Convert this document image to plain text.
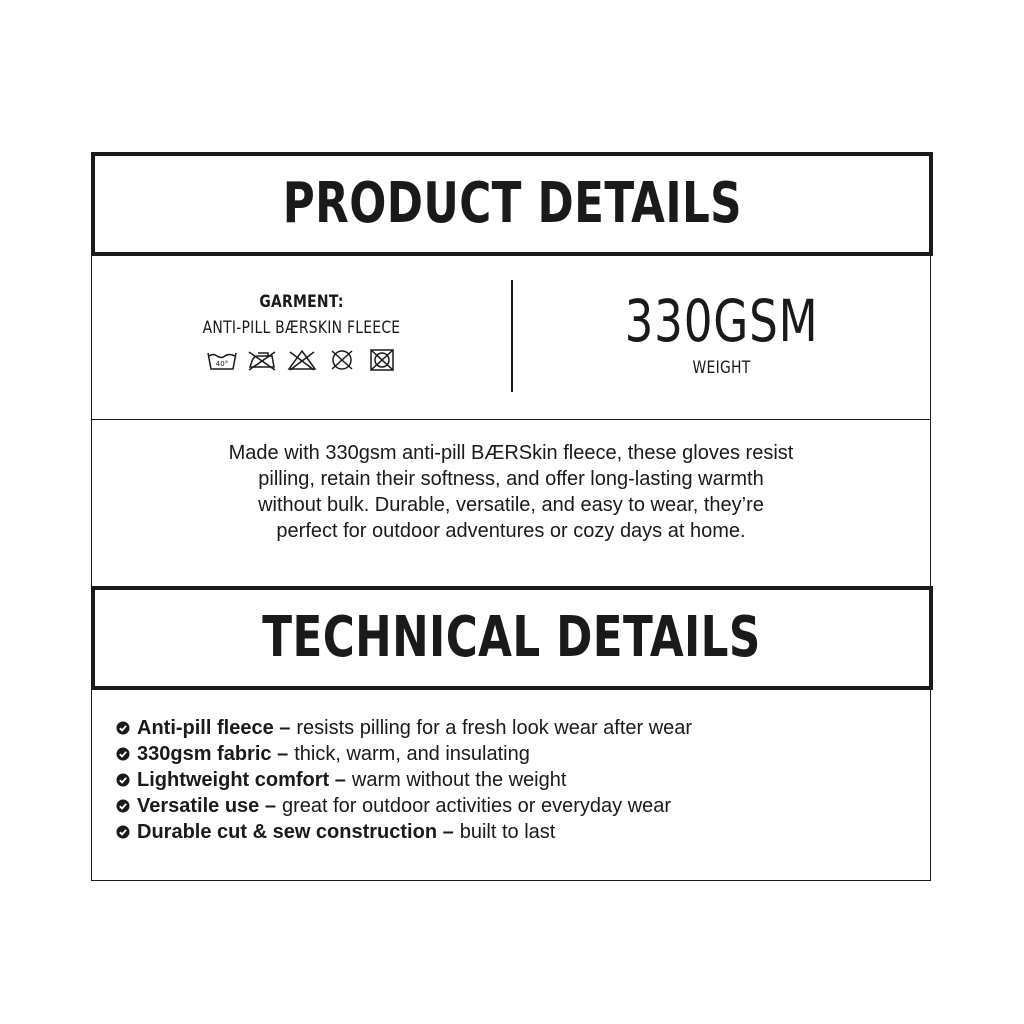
PRODUCT DETAILS
GARMENT:
ANTI-PILL BÆRSKIN FLEECE
40°
330GSM
WEIGHT

Made with 330gsm anti-pill BÆRSkin fleece, these gloves resist

pilling, retain their softness, and offer long-lasting warmth

without bulk. Durable, versatile, and easy to wear, they’re

perfect for outdoor adventures or cozy days at home.

TECHNICAL DETAILS
Anti-pill fleece – resists pilling for a fresh look wear after wear
330gsm fabric – thick, warm, and insulating
Lightweight comfort – warm without the weight
Versatile use – great for outdoor activities or everyday wear
Durable cut & sew construction – built to last
